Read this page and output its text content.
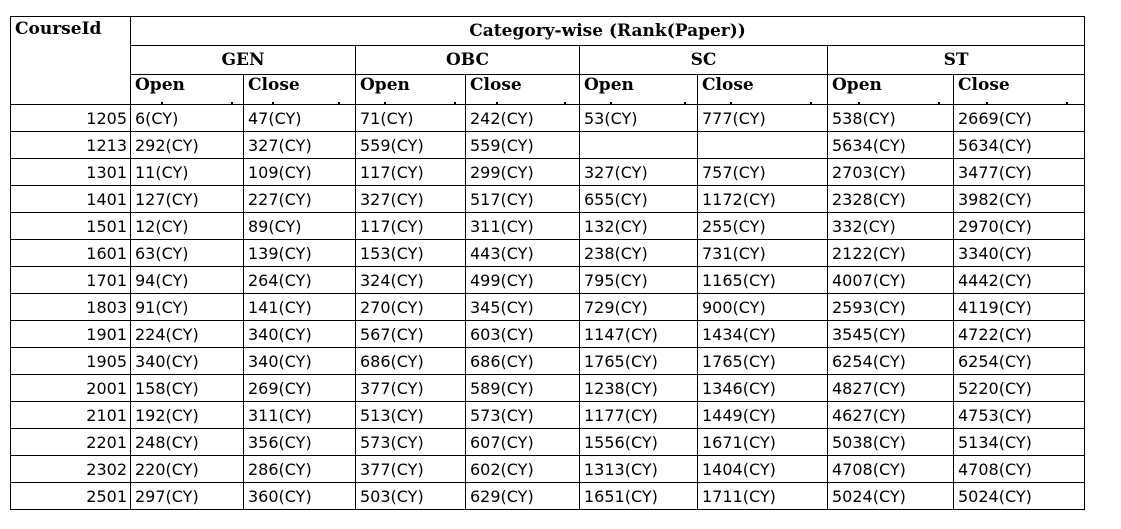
CourseId	Category-wise (Rank(Paper))							
	GEN		OBC		SC		ST	
	Open	Close	Open	Close	Open	Close	Open	Close

1205	6(CY)	47(CY)	71(CY)	242(CY)	53(CY)	777(CY)	538(CY)	2669(CY)
1213	292(CY)	327(CY)	559(CY)	559(CY)			5634(CY)	5634(CY)
1301	11(CY)	109(CY)	117(CY)	299(CY)	327(CY)	757(CY)	2703(CY)	3477(CY)
1401	127(CY)	227(CY)	327(CY)	517(CY)	655(CY)	1172(CY)	2328(CY)	3982(CY)
1501	12(CY)	89(CY)	117(CY)	311(CY)	132(CY)	255(CY)	332(CY)	2970(CY)
1601	63(CY)	139(CY)	153(CY)	443(CY)	238(CY)	731(CY)	2122(CY)	3340(CY)
1701	94(CY)	264(CY)	324(CY)	499(CY)	795(CY)	1165(CY)	4007(CY)	4442(CY)
1803	91(CY)	141(CY)	270(CY)	345(CY)	729(CY)	900(CY)	2593(CY)	4119(CY)
1901	224(CY)	340(CY)	567(CY)	603(CY)	1147(CY)	1434(CY)	3545(CY)	4722(CY)
1905	340(CY)	340(CY)	686(CY)	686(CY)	1765(CY)	1765(CY)	6254(CY)	6254(CY)
2001	158(CY)	269(CY)	377(CY)	589(CY)	1238(CY)	1346(CY)	4827(CY)	5220(CY)
2101	192(CY)	311(CY)	513(CY)	573(CY)	1177(CY)	1449(CY)	4627(CY)	4753(CY)
2201	248(CY)	356(CY)	573(CY)	607(CY)	1556(CY)	1671(CY)	5038(CY)	5134(CY)
2302	220(CY)	286(CY)	377(CY)	602(CY)	1313(CY)	1404(CY)	4708(CY)	4708(CY)
2501	297(CY)	360(CY)	503(CY)	629(CY)	1651(CY)	1711(CY)	5024(CY)	5024(CY)
